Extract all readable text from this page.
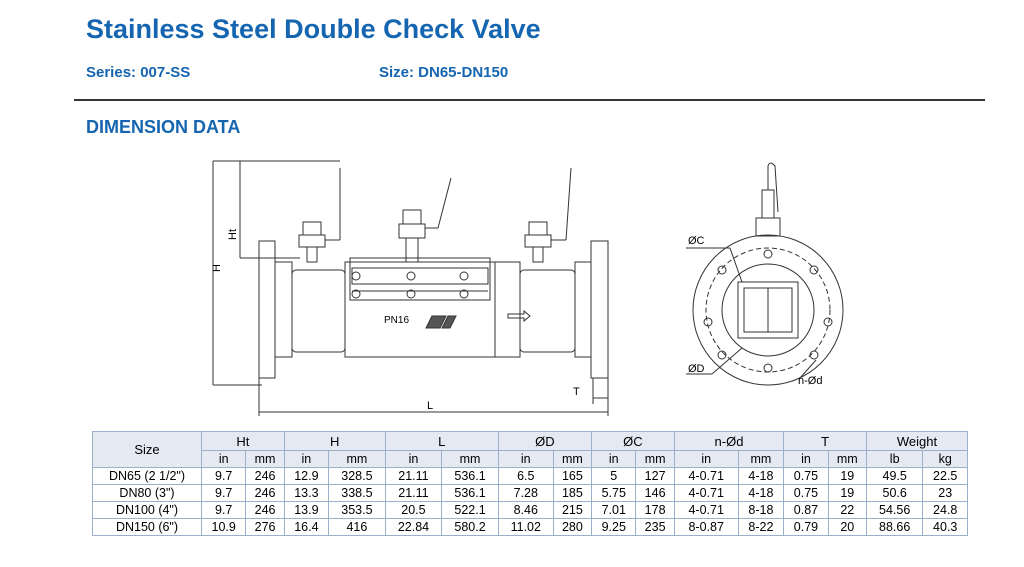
Stainless Steel Double Check Valve
Series: 007-SS	Size: DN65-DN150
DIMENSION DATA
Ht
H
L
T
PN16
ØC
ØD
n-Ød
Size	Ht		H		L		ØD		ØC		n-Ød		T		Weight	
	in	mm	in	mm	in	mm	in	mm	in	mm	in	mm	in	mm	lb	kg
DN65 (2 1/2")	9.7	246	12.9	328.5	21.11	536.1	6.5	165	5	127	4-0.71	4-18	0.75	19	49.5	22.5
DN80 (3")	9.7	246	13.3	338.5	21.11	536.1	7.28	185	5.75	146	4-0.71	4-18	0.75	19	50.6	23
DN100 (4")	9.7	246	13.9	353.5	20.5	522.1	8.46	215	7.01	178	4-0.71	8-18	0.87	22	54.56	24.8
DN150 (6")	10.9	276	16.4	416	22.84	580.2	11.02	280	9.25	235	8-0.87	8-22	0.79	20	88.66	40.3
